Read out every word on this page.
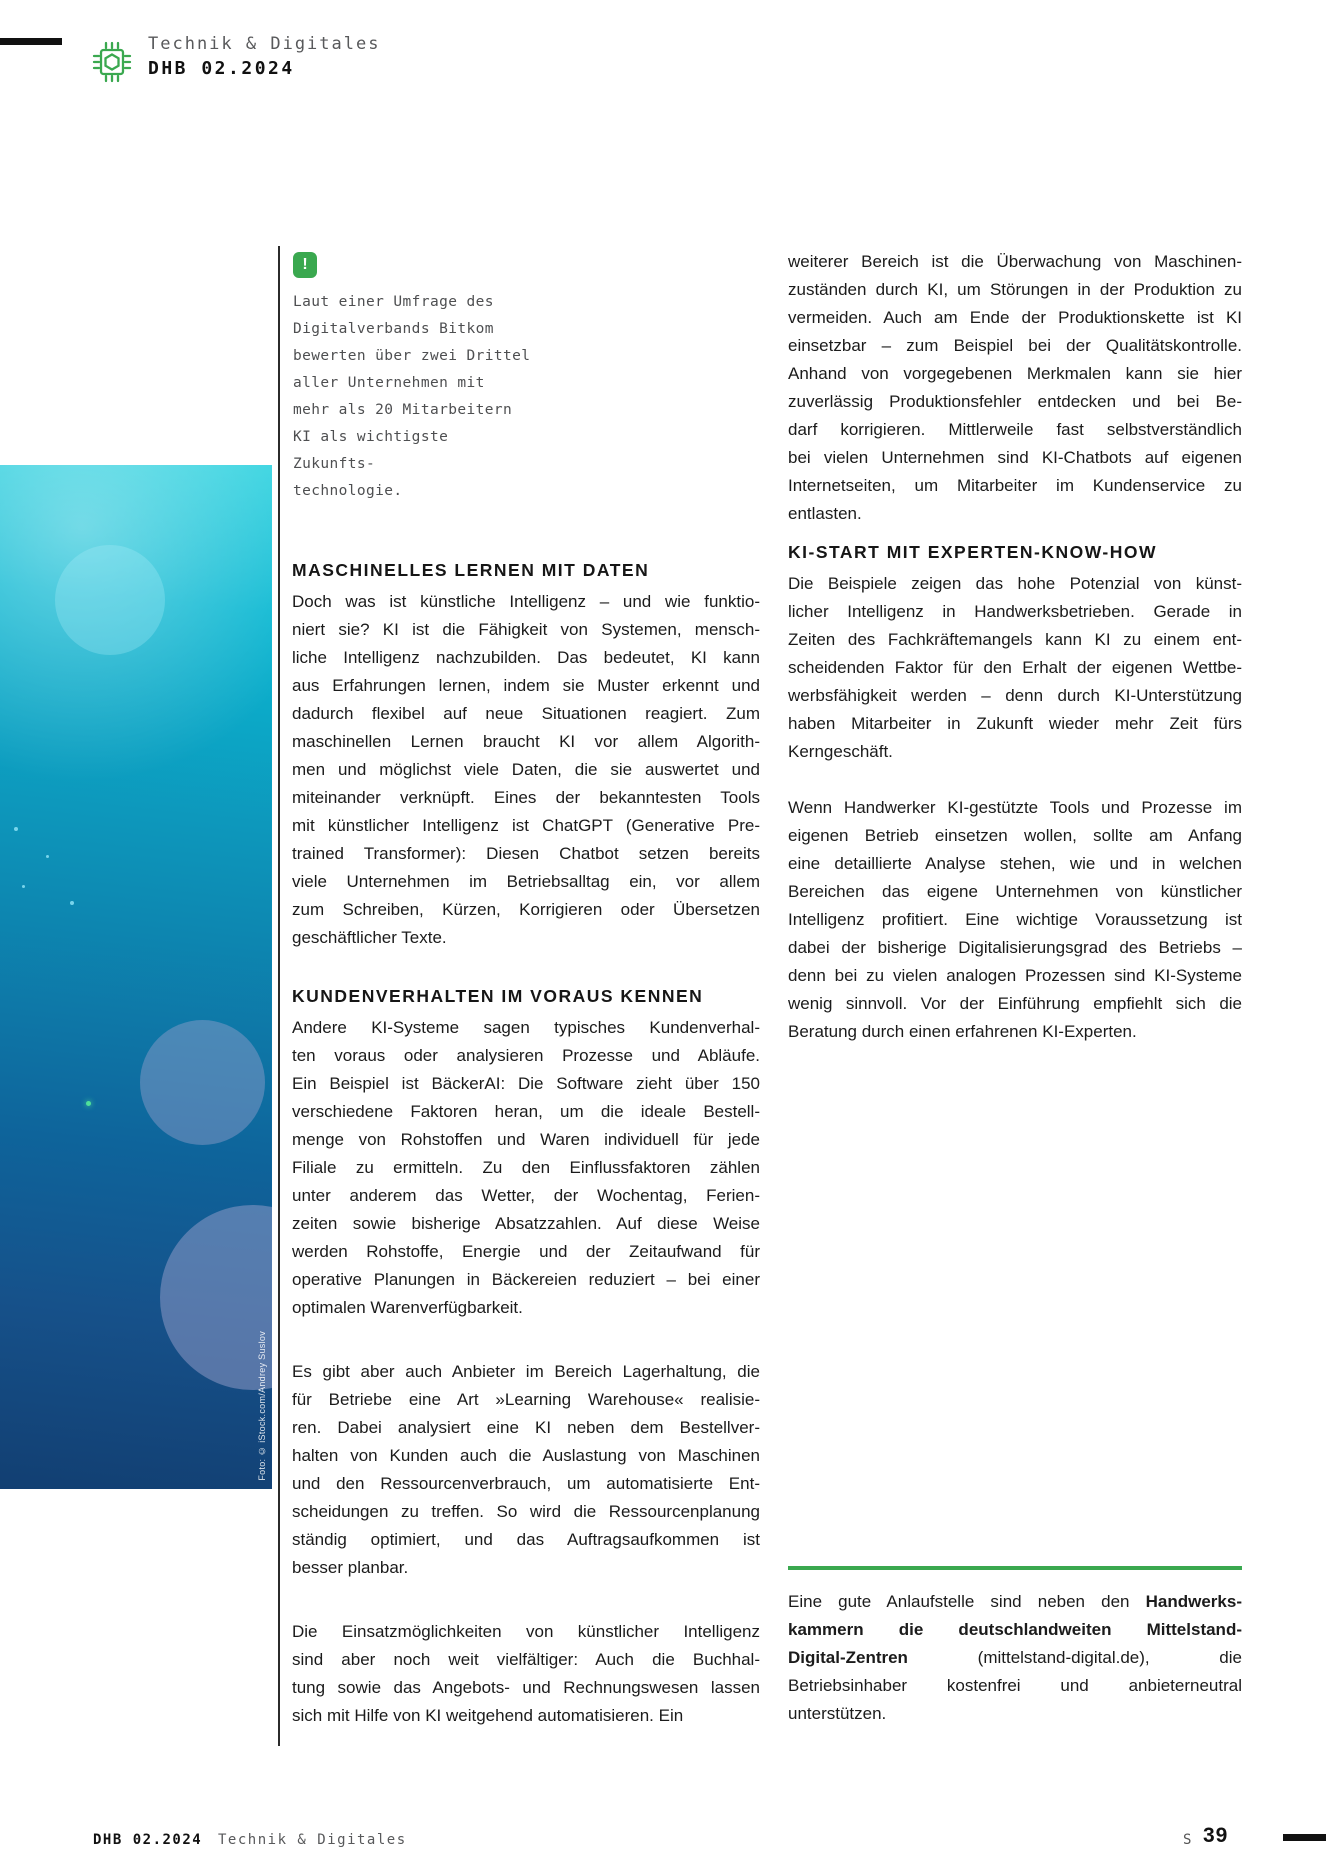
Technik & Digitales
DHB 02.2024
Foto: © iStock.com/Andrey Suslov
!
Laut einer Umfrage des
Digitalverbands Bitkom
bewerten über zwei Drittel
aller Unternehmen mit
mehr als 20 Mitarbeitern
KI als wichtigste Zukunfts-
technologie.
MASCHINELLES LERNEN MIT DATEN
Doch was ist künstliche Intelligenz – und wie funktio-
niert sie? KI ist die Fähigkeit von Systemen, mensch-
liche Intelligenz nachzubilden. Das bedeutet, KI kann
aus Erfahrungen lernen, indem sie Muster erkennt und
dadurch flexibel auf neue Situationen reagiert. Zum
maschinellen Lernen braucht KI vor allem Algorith-
men und möglichst viele Daten, die sie auswertet und
miteinander verknüpft. Eines der bekanntesten Tools
mit künstlicher Intelligenz ist ChatGPT (Generative Pre-
trained Transformer): Diesen Chatbot setzen bereits
viele Unternehmen im Betriebsalltag ein, vor allem
zum Schreiben, Kürzen, Korrigieren oder Übersetzen
geschäftlicher Texte.
KUNDENVERHALTEN IM VORAUS KENNEN
Andere KI-Systeme sagen typisches Kundenverhal-
ten voraus oder analysieren Prozesse und Abläufe.
Ein Beispiel ist BäckerAI: Die Software zieht über 150
verschiedene Faktoren heran, um die ideale Bestell-
menge von Rohstoffen und Waren individuell für jede
Filiale zu ermitteln. Zu den Einflussfaktoren zählen
unter anderem das Wetter, der Wochentag, Ferien-
zeiten sowie bisherige Absatzzahlen. Auf diese Weise
werden Rohstoffe, Energie und der Zeitaufwand für
operative Planungen in Bäckereien reduziert – bei einer
optimalen Warenverfügbarkeit.
Es gibt aber auch Anbieter im Bereich Lagerhaltung, die
für Betriebe eine Art »Learning Warehouse« realisie-
ren. Dabei analysiert eine KI neben dem Bestellver-
halten von Kunden auch die Auslastung von Maschinen
und den Ressourcenverbrauch, um automatisierte Ent-
scheidungen zu treffen. So wird die Ressourcenplanung
ständig optimiert, und das Auftragsaufkommen ist
besser planbar.
Die Einsatzmöglichkeiten von künstlicher Intelligenz
sind aber noch weit vielfältiger: Auch die Buchhal-
tung sowie das Angebots- und Rechnungswesen lassen
sich mit Hilfe von KI weitgehend automatisieren. Ein
weiterer Bereich ist die Überwachung von Maschinen-
zuständen durch KI, um Störungen in der Produktion zu
vermeiden. Auch am Ende der Produktionskette ist KI
einsetzbar – zum Beispiel bei der Qualitätskontrolle.
Anhand von vorgegebenen Merkmalen kann sie hier
zuverlässig Produktionsfehler entdecken und bei Be-
darf korrigieren. Mittlerweile fast selbstverständlich
bei vielen Unternehmen sind KI-Chatbots auf eigenen
Internetseiten, um Mitarbeiter im Kundenservice zu
entlasten.
KI-START MIT EXPERTEN-KNOW-HOW
Die Beispiele zeigen das hohe Potenzial von künst-
licher Intelligenz in Handwerksbetrieben. Gerade in
Zeiten des Fachkräftemangels kann KI zu einem ent-
scheidenden Faktor für den Erhalt der eigenen Wettbe-
werbsfähigkeit werden – denn durch KI-Unterstützung
haben Mitarbeiter in Zukunft wieder mehr Zeit fürs
Kerngeschäft.
Wenn Handwerker KI-gestützte Tools und Prozesse im
eigenen Betrieb einsetzen wollen, sollte am Anfang
eine detaillierte Analyse stehen, wie und in welchen
Bereichen das eigene Unternehmen von künstlicher
Intelligenz profitiert. Eine wichtige Voraussetzung ist
dabei der bisherige Digitalisierungsgrad des Betriebs –
denn bei zu vielen analogen Prozessen sind KI-Systeme
wenig sinnvoll. Vor der Einführung empfiehlt sich die
Beratung durch einen erfahrenen KI-Experten.
Eine gute Anlaufstelle sind neben den Handwerks-
kammern die deutschlandweiten Mittelstand-
Digital-Zentren (mittelstand-digital.de), die
Betriebsinhaber kostenfrei und anbieterneutral
unterstützen.
DHB 02.2024 Technik & Digitales	S 39
